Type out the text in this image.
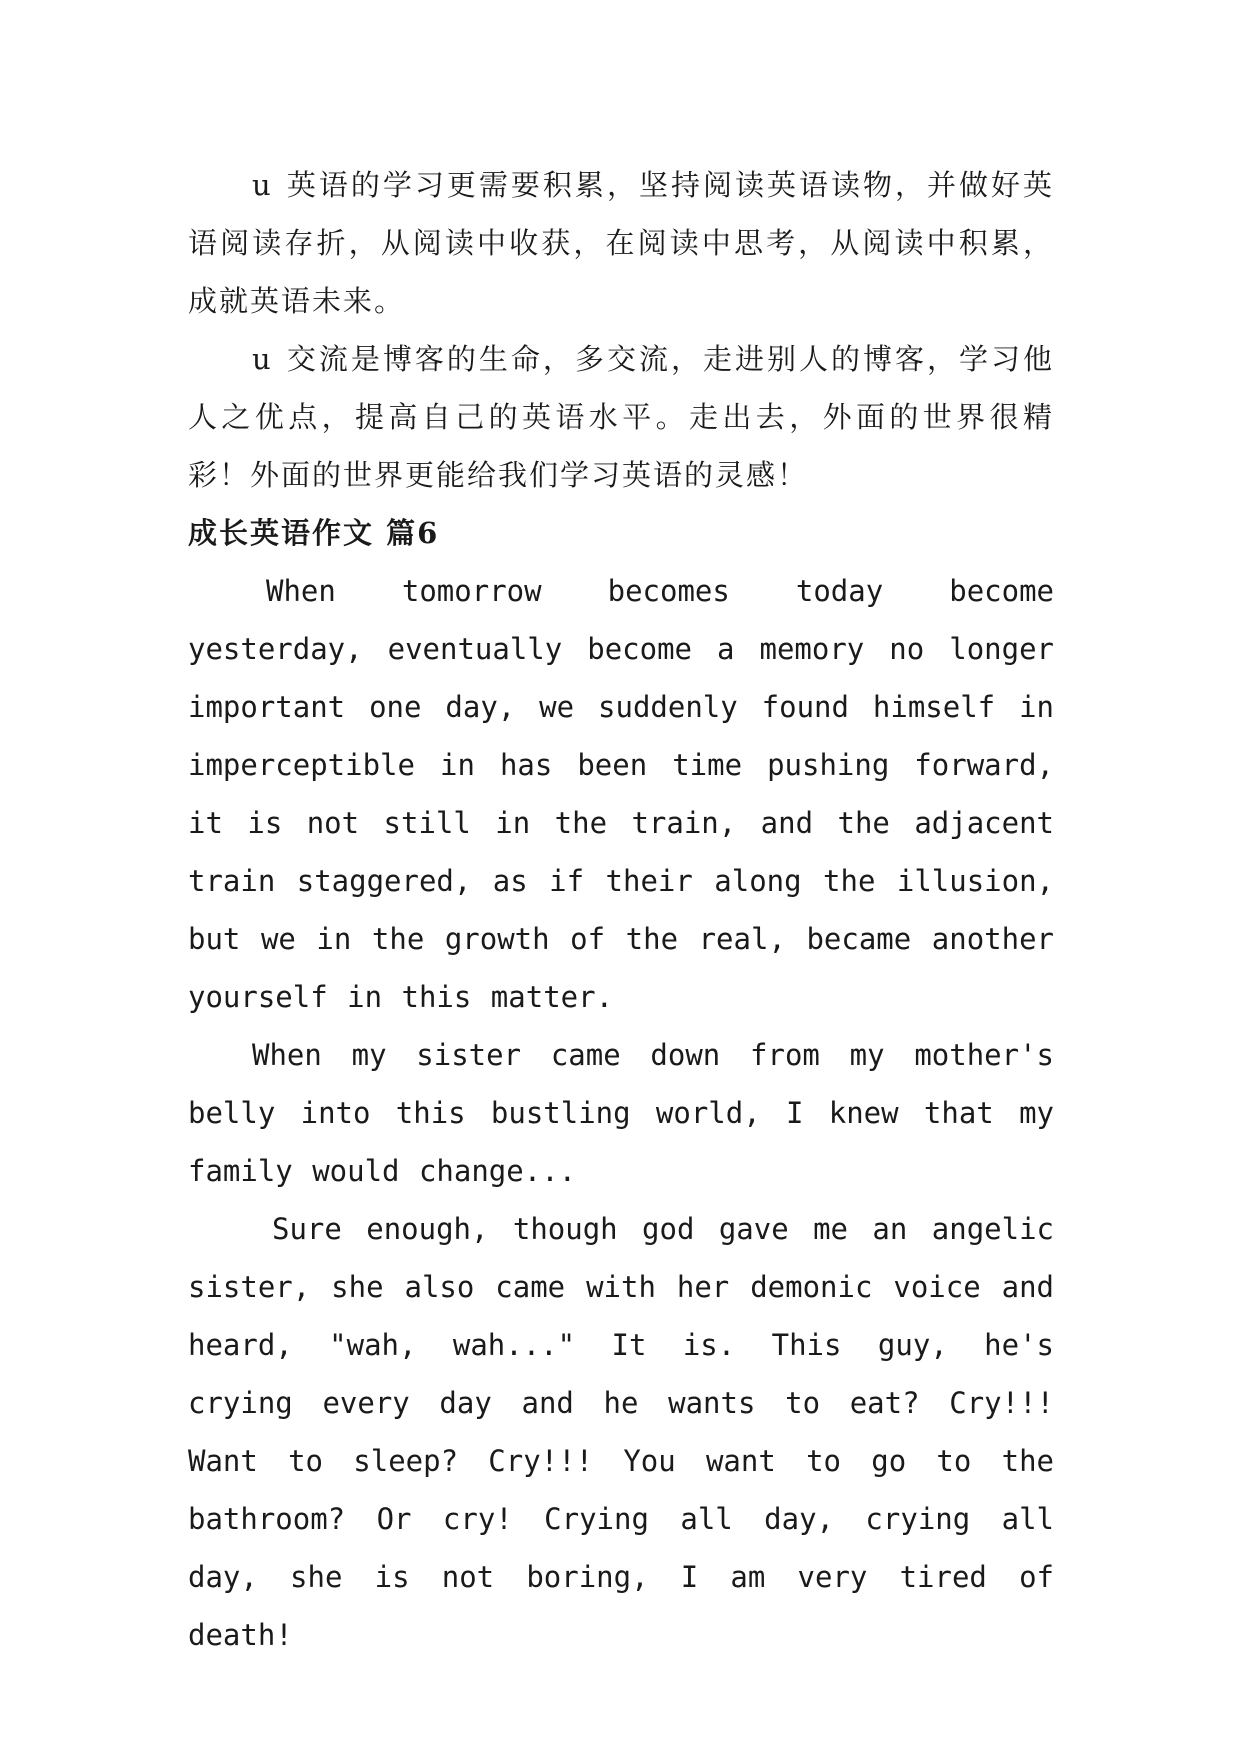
u 英语的学习更需要积累，坚持阅读英语读物，并做好英语阅读存折，从阅读中收获，在阅读中思考，从阅读中积累，成就英语未来。

u 交流是博客的生命，多交流，走进别人的博客，学习他人之优点，提高自己的英语水平。走出去，外面的世界很精彩！外面的世界更能给我们学习英语的灵感！

成长英语作文 篇6

When tomorrow becomes today become yesterday, eventually become a memory no longer important one day, we suddenly found himself in imperceptible in has been time pushing forward, it is not still in the train, and the adjacent train staggered, as if their along the illusion, but we in the growth of the real, became another yourself in this matter.

When my sister came down from my mother's belly into this bustling world, I knew that my family would change...

Sure enough, though god gave me an angelic sister, she also came with her demonic voice and heard, "wah, wah..." It is. This guy, he's crying every day and he wants to eat? Cry!!! Want to sleep? Cry!!! You want to go to the bathroom? Or cry! Crying all day, crying all day, she is not boring, I am very tired of death!
